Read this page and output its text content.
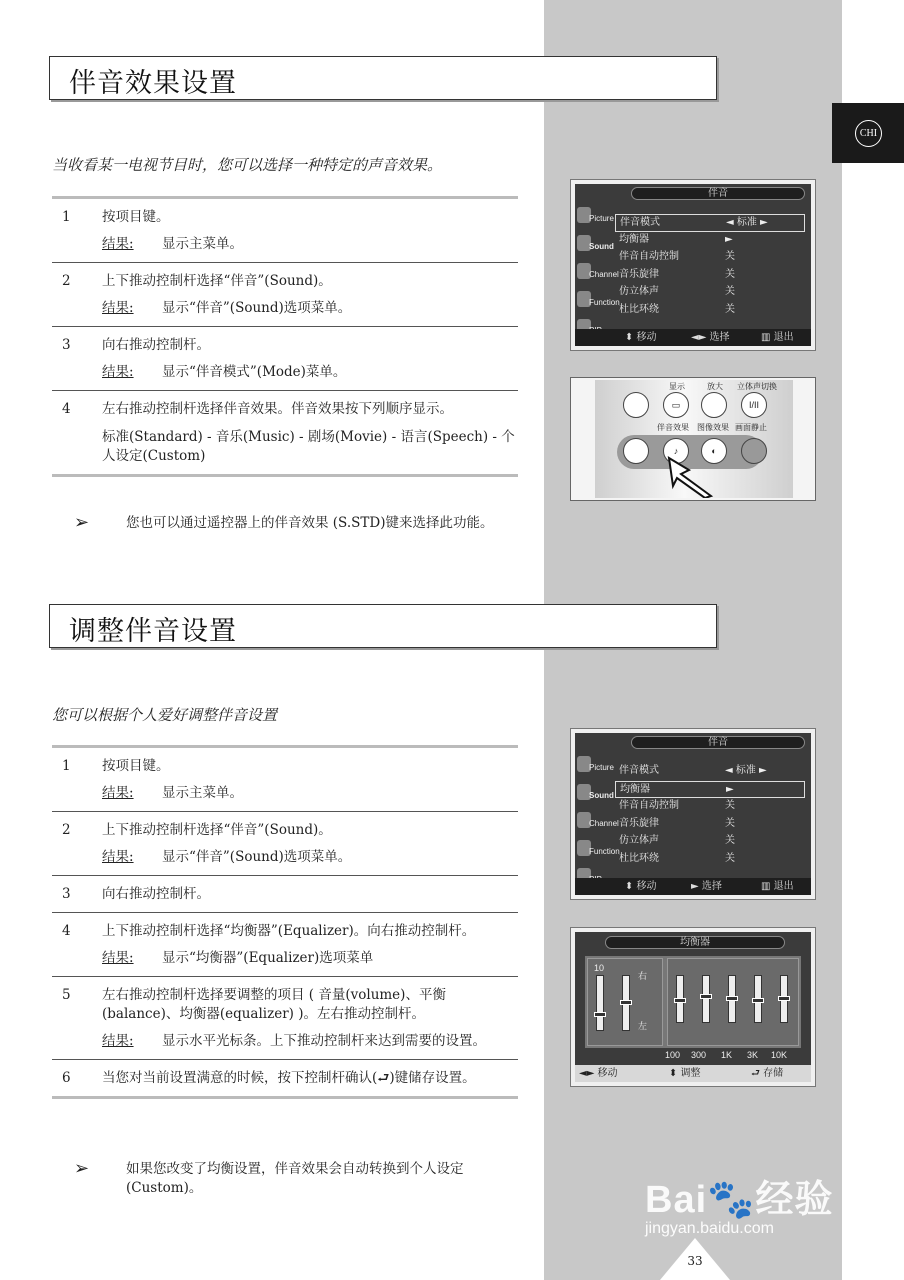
CHI
伴音效果设置
当收看某一电视节目时，您可以选择一种特定的声音效果。
1 按项目键。
结果:	显示主菜单。
2 上下推动控制杆选择“伴音”(Sound)。
结果:	显示“伴音”(Sound)选项菜单。
3 向右推动控制杆。
结果:	显示“伴音模式”(Mode)菜单。
4 左右推动控制杆选择伴音效果。伴音效果按下列顺序显示。
标准(Standard) - 音乐(Music) - 剧场(Movie) - 语言(Speech) - 个人设定(Custom)
➢	您也可以通过遥控器上的伴音效果 (S.STD)键来选择此功能。
伴音
Picture
Sound
Channel
Function
伴音模式	◄ 标准 ►
均衡器	►
伴音自动控制	关
音乐旋律	关
仿立体声	关
杜比环绕	关
⬍ 移动	◄► 选择	▥ 退出
显示	放大 立体声切换
▭	I/II
伴音效果 图像效果 画面静止
♪	◐
调整伴音设置
您可以根据个人爱好调整伴音设置
1 按项目键。
结果:	显示主菜单。
2 上下推动控制杆选择“伴音”(Sound)。
结果:	显示“伴音”(Sound)选项菜单。
3 向右推动控制杆。
4 上下推动控制杆选择“均衡器”(Equalizer)。向右推动控制杆。
结果:	显示“均衡器”(Equalizer)选项菜单
5 左右推动控制杆选择要调整的项目 ( 音量(volume)、平衡(balance)、均衡器(equalizer) )。左右推动控制杆。
结果:	显示水平光标条。上下推动控制杆来达到需要的设置。
6 当您对当前设置满意的时候，按下控制杆确认(⮐)键储存设置。
➢	如果您改变了均衡设置，伴音效果会自动转换到个人设定(Custom)。
伴音
Picture
Sound
Channel
Function
伴音模式	◄ 标准 ►
均衡器	►
伴音自动控制	关
音乐旋律	关
仿立体声	关
杜比环绕	关
⬍ 移动	► 选择	▥ 退出
均衡器
10
右
左
100 300 1K 3K 10K
◄► 移动	⬍ 调整	⮐ 存储
Bai🐾经验
jingyan.baidu.com
33
